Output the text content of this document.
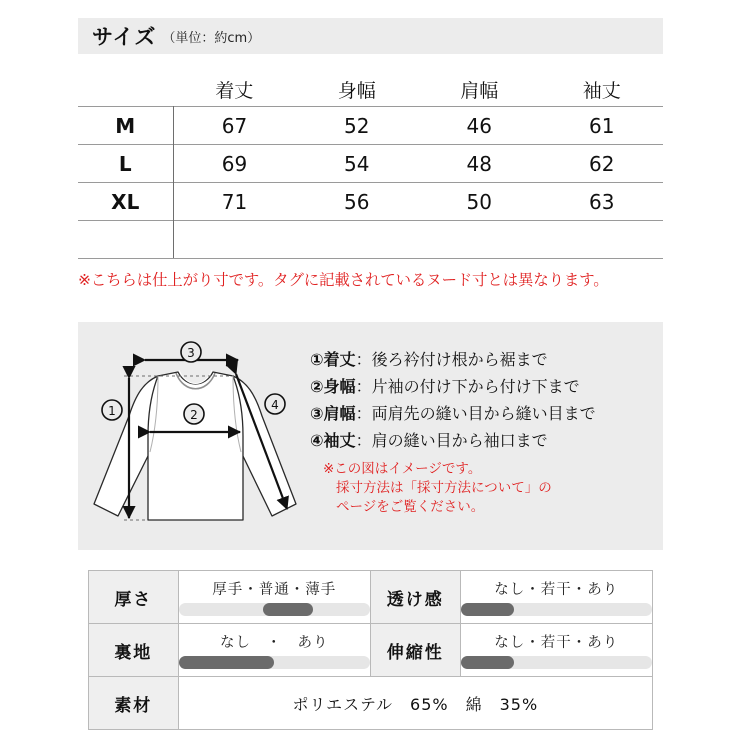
サイズ （単位：約cm）
	着丈	身幅	肩幅	袖丈
M	67	52	46	61
L	69	54	48	62
XL	71	56	50	63

※こちらは仕上がり寸です。タグに記載されているヌード寸とは異なります。
3
1	2
4
①着丈：後ろ衿付け根から裾まで
②身幅：片袖の付け下から付け下まで
③肩幅：両肩先の縫い目から縫い目まで
④袖丈：肩の縫い目から袖口まで
※この図はイメージです。
採寸方法は「採寸方法について」の
ページをご覧ください。
厚さ	厚手・普通・薄手	透け感	なし・若干・あり

裏地	なし　・　あり	伸縮性	なし・若干・あり

素材	ポリエステル　65%　綿　35%		
